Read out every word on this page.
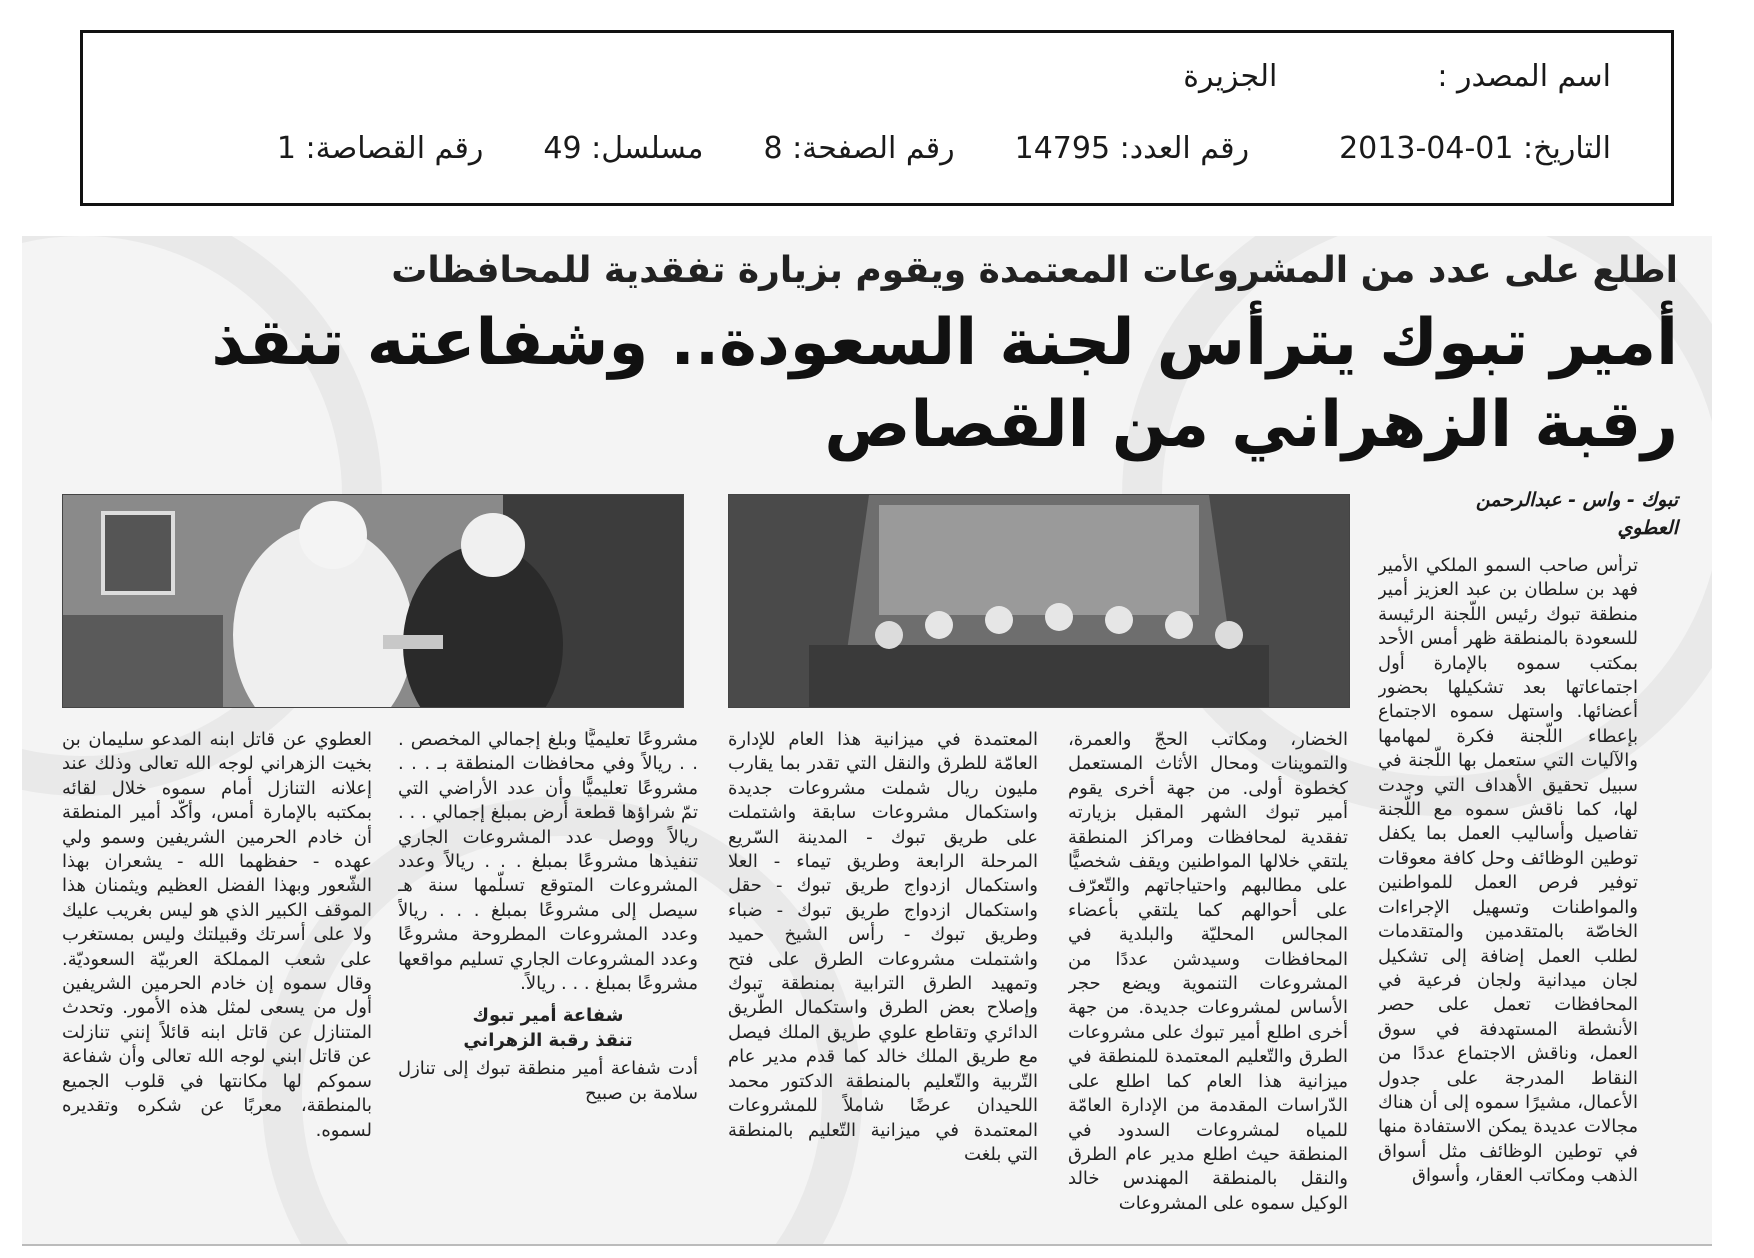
اسم المصدر :الجزيرة
التاريخ: 01-04-2013رقم العدد: 14795رقم الصفحة: 8مسلسل: 49رقم القصاصة: 1
اطلع على عدد من المشروعات المعتمدة ويقوم بزيارة تفقدية للمحافظات
أمير تبوك يترأس لجنة السعودة.. وشفاعته تنقذ رقبة الزهراني من القصاص
تبوك - واس - عبدالرحمن العطوي
ترأس صاحب السمو الملكي الأمير فهد بن سلطان بن عبد العزيز أمير منطقة تبوك رئيس اللّجنة الرئيسة للسعودة بالمنطقة ظهر أمس الأحد بمكتب سموه بالإمارة أول اجتماعاتها بعد تشكيلها بحضور أعضائها. واستهل سموه الاجتماع بإعطاء اللّجنة فكرة لمهامها والآليات التي ستعمل بها اللّجنة في سبيل تحقيق الأهداف التي وجدت لها، كما ناقش سموه مع اللّجنة تفاصيل وأساليب العمل بما يكفل توطين الوظائف وحل كافة معوقات توفير فرص العمل للمواطنين والمواطنات وتسهيل الإجراءات الخاصّة بالمتقدمين والمتقدمات لطلب العمل إضافة إلى تشكيل لجان ميدانية ولجان فرعية في المحافظات تعمل على حصر الأنشطة المستهدفة في سوق العمل، وناقش الاجتماع عددًا من النقاط المدرجة على جدول الأعمال، مشيرًا سموه إلى أن هناك مجالات عديدة يمكن الاستفادة منها في توطين الوظائف مثل أسواق الذهب ومكاتب العقار، وأسواق
الخضار، ومكاتب الحجّ والعمرة، والتموينات ومحال الأثاث المستعمل كخطوة أولى. من جهة أخرى يقوم أمير تبوك الشهر المقبل بزيارته تفقدية لمحافظات ومراكز المنطقة يلتقي خلالها المواطنين ويقف شخصيًّا على مطالبهم واحتياجاتهم والتّعرّف على أحوالهم كما يلتقي بأعضاء المجالس المحليّة والبلدية في المحافظات وسيدشن عددًا من المشروعات التنموية ويضع حجر الأساس لمشروعات جديدة. من جهة أخرى اطلع أمير تبوك على مشروعات الطرق والتّعليم المعتمدة للمنطقة في ميزانية هذا العام كما اطلع على الدّراسات المقدمة من الإدارة العامّة للمياه لمشروعات السدود في المنطقة حيث اطلع مدير عام الطرق والنقل بالمنطقة المهندس خالد الوكيل سموه على المشروعات
المعتمدة في ميزانية هذا العام للإدارة العامّة للطرق والنقل التي تقدر بما يقارب مليون ريال شملت مشروعات جديدة واستكمال مشروعات سابقة واشتملت على طريق تبوك - المدينة السّريع المرحلة الرابعة وطريق تيماء - العلا واستكمال ازدواج طريق تبوك - حقل واستكمال ازدواج طريق تبوك - ضباء وطريق تبوك - رأس الشيخ حميد واشتملت مشروعات الطرق على فتح وتمهيد الطرق الترابية بمنطقة تبوك وإصلاح بعض الطرق واستكمال الطّريق الدائري وتقاطع علوي طريق الملك فيصل مع طريق الملك خالد كما قدم مدير عام التّربية والتّعليم بالمنطقة الدكتور محمد اللحيدان عرضًا شاملاً للمشروعات المعتمدة في ميزانية التّعليم بالمنطقة التي بلغت
مشروعًا تعليميًّا وبلغ إجمالي المخصص . . . ريالاً وفي محافظات المنطقة بـ . . . مشروعًا تعليميًّا وأن عدد الأراضي التي تمّ شراؤها قطعة أرض بمبلغ إجمالي . . . ريالاً ووصل عدد المشروعات الجاري تنفيذها مشروعًا بمبلغ . . . ريالاً وعدد المشروعات المتوقع تسلّمها سنة هـ سيصل إلى مشروعًا بمبلغ . . . ريالاً وعدد المشروعات المطروحة مشروعًا وعدد المشروعات الجاري تسليم مواقعها مشروعًا بمبلغ . . . ريالاً.
شفاعة أمير تبوك
تنقذ رقبة الزهراني
أدت شفاعة أمير منطقة تبوك إلى تنازل سلامة بن صبيح
العطوي عن قاتل ابنه المدعو سليمان بن بخيت الزهراني لوجه الله تعالى وذلك عند إعلانه التنازل أمام سموه خلال لقائه بمكتبه بالإمارة أمس، وأكّد أمير المنطقة أن خادم الحرمين الشريفين وسمو ولي عهده - حفظهما الله - يشعران بهذا الشّعور وبهذا الفضل العظيم ويثمنان هذا الموقف الكبير الذي هو ليس بغريب عليك ولا على أسرتك وقبيلتك وليس بمستغرب على شعب المملكة العربيّة السعوديّة. وقال سموه إن خادم الحرمين الشريفين أول من يسعى لمثل هذه الأمور. وتحدث المتنازل عن قاتل ابنه قائلاً إنني تنازلت عن قاتل ابني لوجه الله تعالى وأن شفاعة سموكم لها مكانتها في قلوب الجميع بالمنطقة، معربًا عن شكره وتقديره لسموه.
